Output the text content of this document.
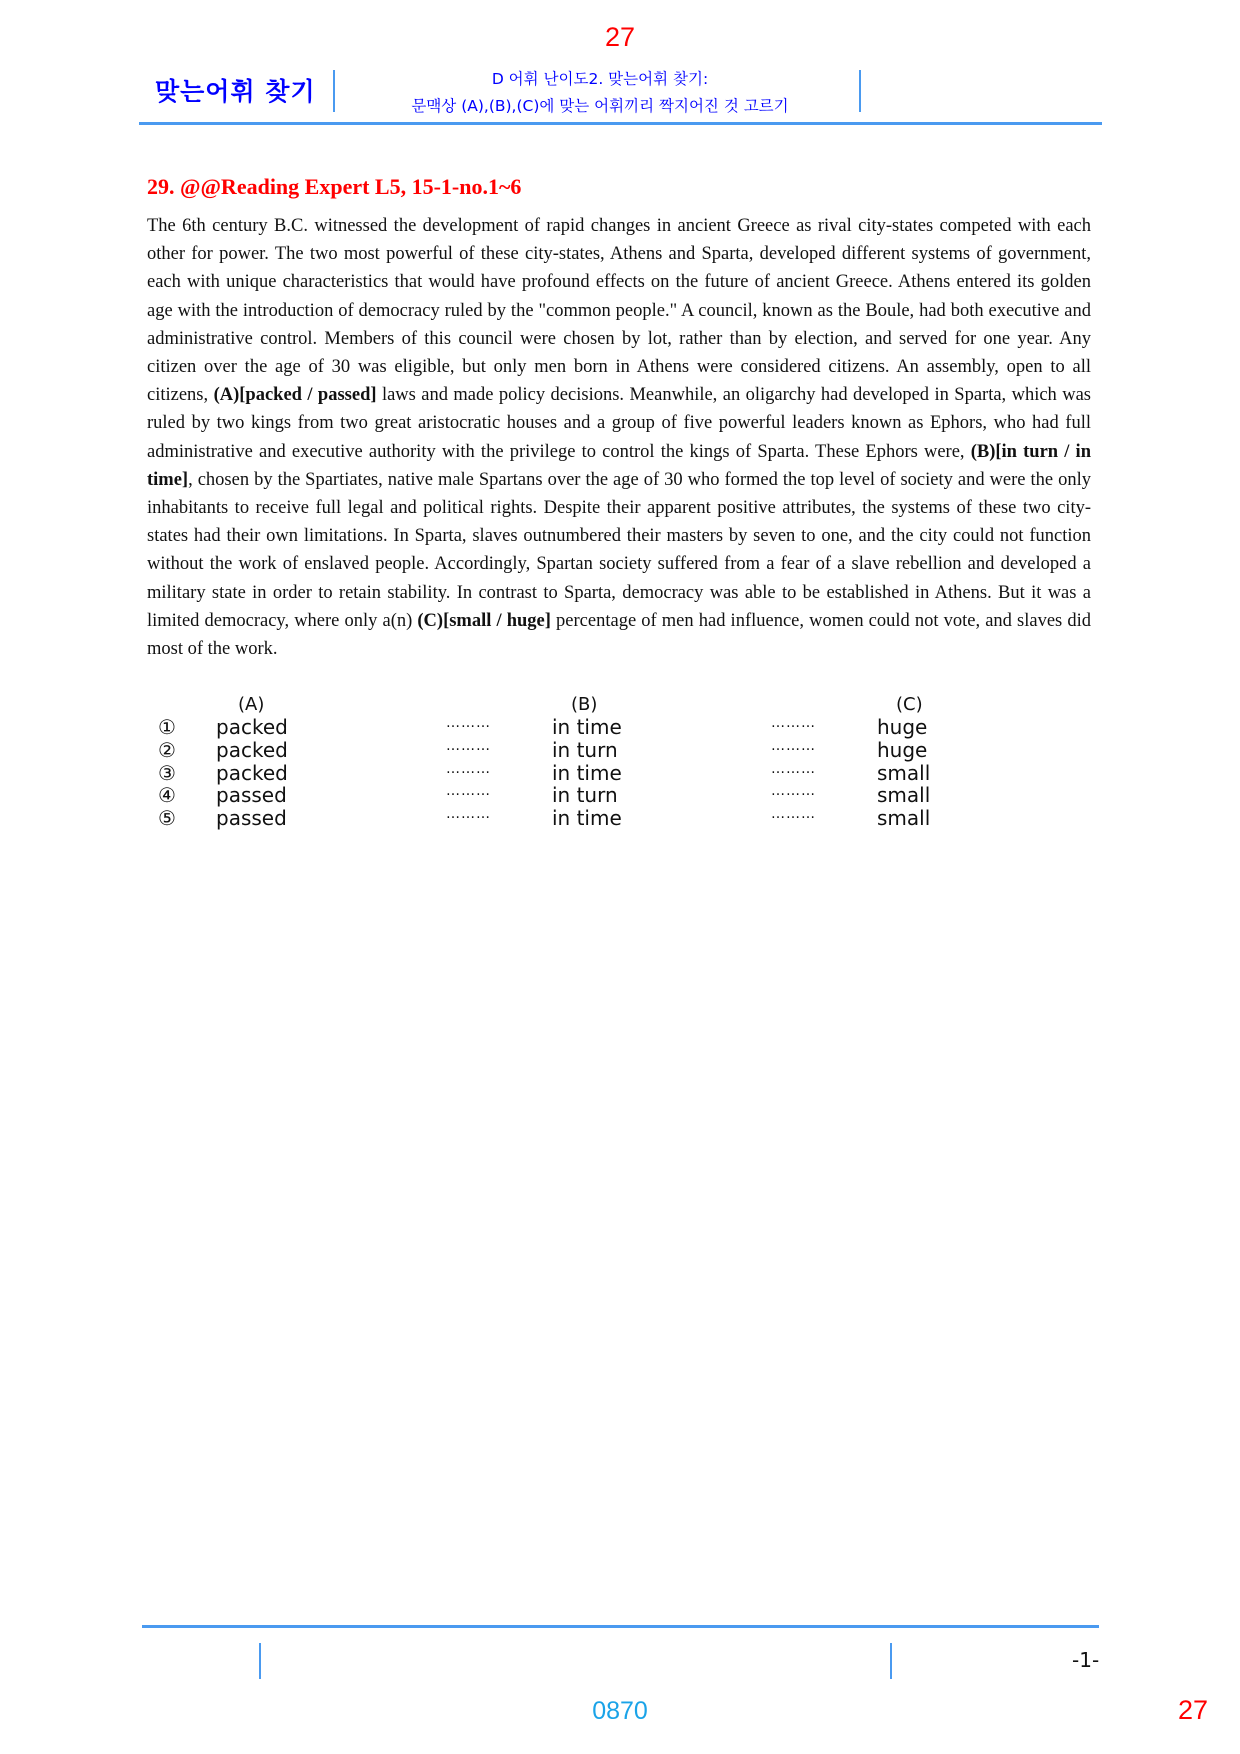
27
맞는어휘 찾기	D 어휘 난이도2. 맞는어휘 찾기:
문맥상 (A),(B),(C)에 맞는 어휘끼리 짝지어진 것 고르기
29. @@Reading Expert L5, 15-1-no.1~6
The 6th century B.C. witnessed the development of rapid changes in ancient Greece as rival city-states competed with each other for power. The two most powerful of these city-states, Athens and Sparta, developed different systems of government, each with unique characteristics that would have profound effects on the future of ancient Greece. Athens entered its golden age with the introduction of democracy ruled by the "common people." A council, known as the Boule, had both executive and administrative control. Members of this council were chosen by lot, rather than by election, and served for one year. Any citizen over the age of 30 was eligible, but only men born in Athens were considered citizens. An assembly, open to all citizens, (A)[packed / passed] laws and made policy decisions. Meanwhile, an oligarchy had developed in Sparta, which was ruled by two kings from two great aristocratic houses and a group of five powerful leaders known as Ephors, who had full administrative and executive authority with the privilege to control the kings of Sparta. These Ephors were, (B)[in turn / in time], chosen by the Spartiates, native male Spartans over the age of 30 who formed the top level of society and were the only inhabitants to receive full legal and political rights. Despite their apparent positive attributes, the systems of these two city-states had their own limitations. In Sparta, slaves outnumbered their masters by seven to one, and the city could not function without the work of enslaved people. Accordingly, Spartan society suffered from a fear of a slave rebellion and developed a military state in order to retain stability. In contrast to Sparta, democracy was able to be established in Athens. But it was a limited democracy, where only a(n) (C)[small / huge] percentage of men had influence, women could not vote, and slaves did most of the work.
(A)	(B)	(C)
① packed	………	in time	………	huge
② packed	………	in turn	………	huge
③ packed	………	in time	………	small
④ passed	………	in turn	………	small
⑤ passed	………	in time	………	small
-1-
0870	27
